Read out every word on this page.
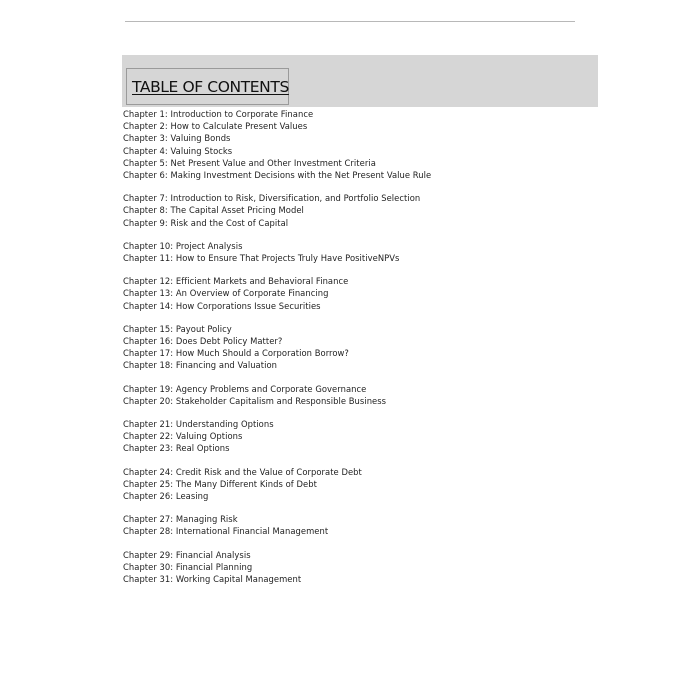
TABLE OF CONTENTS
Chapter 1: Introduction to Corporate Finance
Chapter 2: How to Calculate Present Values
Chapter 3: Valuing Bonds
Chapter 4: Valuing Stocks
Chapter 5: Net Present Value and Other Investment Criteria
Chapter 6: Making Investment Decisions with the Net Present Value Rule
Chapter 7: Introduction to Risk, Diversification, and Portfolio Selection
Chapter 8: The Capital Asset Pricing Model
Chapter 9: Risk and the Cost of Capital
Chapter 10: Project Analysis
Chapter 11: How to Ensure That Projects Truly Have PositiveNPVs
Chapter 12: Efficient Markets and Behavioral Finance
Chapter 13: An Overview of Corporate Financing
Chapter 14: How Corporations Issue Securities
Chapter 15: Payout Policy
Chapter 16: Does Debt Policy Matter?
Chapter 17: How Much Should a Corporation Borrow?
Chapter 18: Financing and Valuation
Chapter 19: Agency Problems and Corporate Governance
Chapter 20: Stakeholder Capitalism and Responsible Business
Chapter 21: Understanding Options
Chapter 22: Valuing Options
Chapter 23: Real Options
Chapter 24: Credit Risk and the Value of Corporate Debt
Chapter 25: The Many Different Kinds of Debt
Chapter 26: Leasing
Chapter 27: Managing Risk
Chapter 28: International Financial Management
Chapter 29: Financial Analysis
Chapter 30: Financial Planning
Chapter 31: Working Capital Management
